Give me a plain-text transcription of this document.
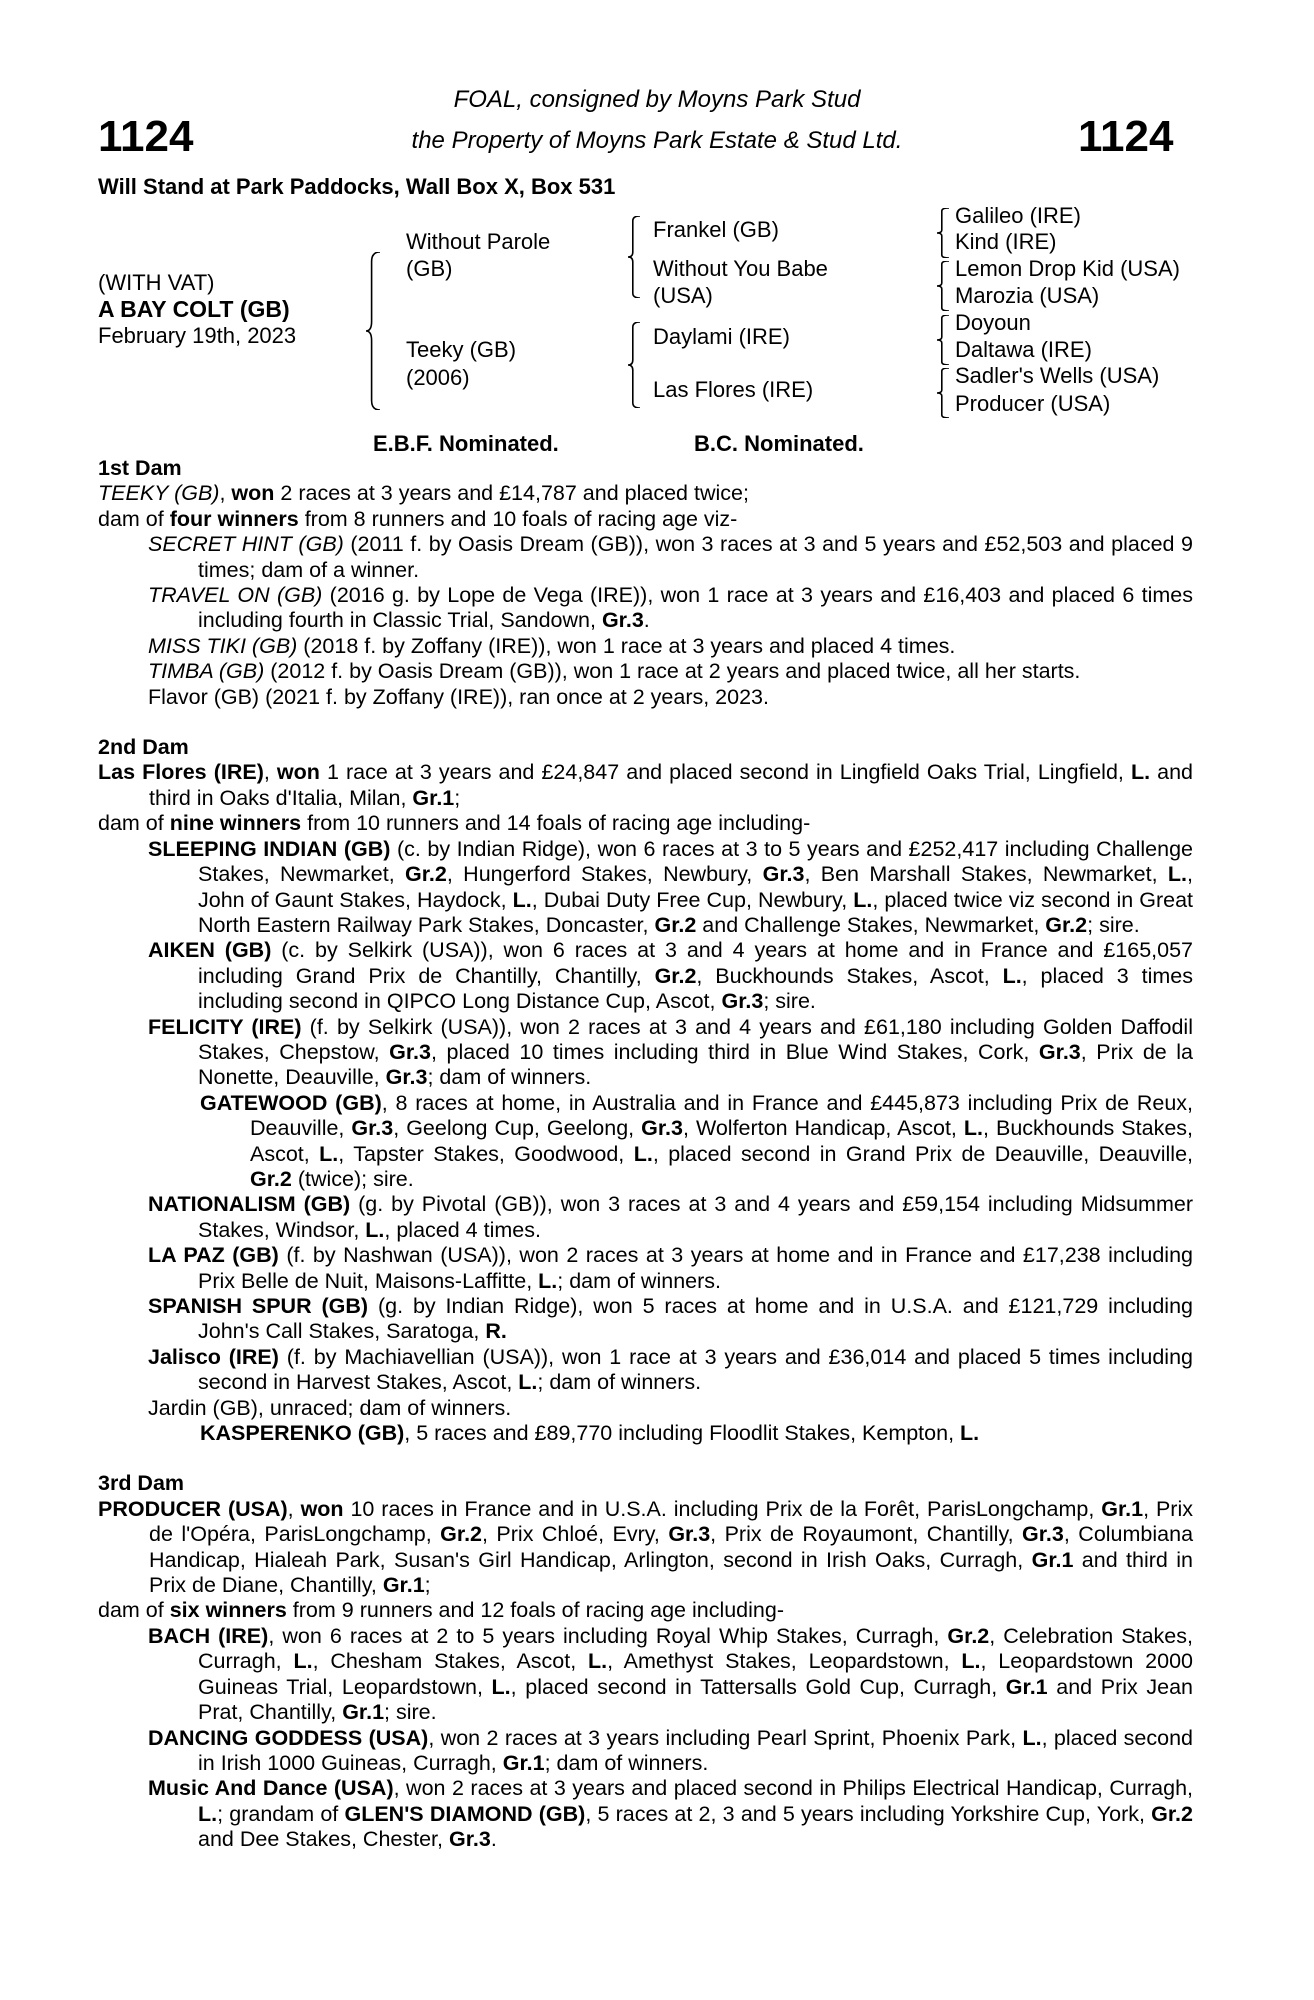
FOAL, consigned by Moyns Park Stud
the Property of Moyns Park Estate & Stud Ltd.
1124	1124
Will Stand at Park Paddocks, Wall Box X, Box 531
(WITH VAT)
A BAY COLT (GB)
February 19th, 2023
Without Parole
(GB)
Teeky (GB)
(2006)
Frankel (GB)
Without You Babe
(USA)
Daylami (IRE)
Las Flores (IRE)
Galileo (IRE)
Kind (IRE)
Lemon Drop Kid (USA)
Marozia (USA)
Doyoun
Daltawa (IRE)
Sadler's Wells (USA)
Producer (USA)
E.B.F. Nominated.	B.C. Nominated.
1st Dam

TEEKY (GB), won 2 races at 3 years and £14,787 and placed twice;

dam of four winners from 8 runners and 10 foals of racing age viz-

SECRET HINT (GB) (2011 f. by Oasis Dream (GB)), won 3 races at 3 and 5 years and £52,503 and placed 9 times; dam of a winner.

TRAVEL ON (GB) (2016 g. by Lope de Vega (IRE)), won 1 race at 3 years and £16,403 and placed 6 times including fourth in Classic Trial, Sandown, Gr.3.

MISS TIKI (GB) (2018 f. by Zoffany (IRE)), won 1 race at 3 years and placed 4 times.

TIMBA (GB) (2012 f. by Oasis Dream (GB)), won 1 race at 2 years and placed twice, all her starts.

Flavor (GB) (2021 f. by Zoffany (IRE)), ran once at 2 years, 2023.

2nd Dam

Las Flores (IRE), won 1 race at 3 years and £24,847 and placed second in Lingfield Oaks Trial, Lingfield, L. and third in Oaks d'Italia, Milan, Gr.1;

dam of nine winners from 10 runners and 14 foals of racing age including-

SLEEPING INDIAN (GB) (c. by Indian Ridge), won 6 races at 3 to 5 years and £252,417 including Challenge Stakes, Newmarket, Gr.2, Hungerford Stakes, Newbury, Gr.3, Ben Marshall Stakes, Newmarket, L., John of Gaunt Stakes, Haydock, L., Dubai Duty Free Cup, Newbury, L., placed twice viz second in Great North Eastern Railway Park Stakes, Doncaster, Gr.2 and Challenge Stakes, Newmarket, Gr.2; sire.

AIKEN (GB) (c. by Selkirk (USA)), won 6 races at 3 and 4 years at home and in France and £165,057 including Grand Prix de Chantilly, Chantilly, Gr.2, Buckhounds Stakes, Ascot, L., placed 3 times including second in QIPCO Long Distance Cup, Ascot, Gr.3; sire.

FELICITY (IRE) (f. by Selkirk (USA)), won 2 races at 3 and 4 years and £61,180 including Golden Daffodil Stakes, Chepstow, Gr.3, placed 10 times including third in Blue Wind Stakes, Cork, Gr.3, Prix de la Nonette, Deauville, Gr.3; dam of winners.

GATEWOOD (GB), 8 races at home, in Australia and in France and £445,873 including Prix de Reux, Deauville, Gr.3, Geelong Cup, Geelong, Gr.3, Wolferton Handicap, Ascot, L., Buckhounds Stakes, Ascot, L., Tapster Stakes, Goodwood, L., placed second in Grand Prix de Deauville, Deauville, Gr.2 (twice); sire.

NATIONALISM (GB) (g. by Pivotal (GB)), won 3 races at 3 and 4 years and £59,154 including Midsummer Stakes, Windsor, L., placed 4 times.

LA PAZ (GB) (f. by Nashwan (USA)), won 2 races at 3 years at home and in France and £17,238 including Prix Belle de Nuit, Maisons-Laffitte, L.; dam of winners.

SPANISH SPUR (GB) (g. by Indian Ridge), won 5 races at home and in U.S.A. and £121,729 including John's Call Stakes, Saratoga, R.

Jalisco (IRE) (f. by Machiavellian (USA)), won 1 race at 3 years and £36,014 and placed 5 times including second in Harvest Stakes, Ascot, L.; dam of winners.

Jardin (GB), unraced; dam of winners.

KASPERENKO (GB), 5 races and £89,770 including Floodlit Stakes, Kempton, L.

3rd Dam

PRODUCER (USA), won 10 races in France and in U.S.A. including Prix de la Forêt, ParisLongchamp, Gr.1, Prix de l'Opéra, ParisLongchamp, Gr.2, Prix Chloé, Evry, Gr.3, Prix de Royaumont, Chantilly, Gr.3, Columbiana Handicap, Hialeah Park, Susan's Girl Handicap, Arlington, second in Irish Oaks, Curragh, Gr.1 and third in Prix de Diane, Chantilly, Gr.1;

dam of six winners from 9 runners and 12 foals of racing age including-

BACH (IRE), won 6 races at 2 to 5 years including Royal Whip Stakes, Curragh, Gr.2, Celebration Stakes, Curragh, L., Chesham Stakes, Ascot, L., Amethyst Stakes, Leopardstown, L., Leopardstown 2000 Guineas Trial, Leopardstown, L., placed second in Tattersalls Gold Cup, Curragh, Gr.1 and Prix Jean Prat, Chantilly, Gr.1; sire.

DANCING GODDESS (USA), won 2 races at 3 years including Pearl Sprint, Phoenix Park, L., placed second in Irish 1000 Guineas, Curragh, Gr.1; dam of winners.

Music And Dance (USA), won 2 races at 3 years and placed second in Philips Electrical Handicap, Curragh, L.; grandam of GLEN'S DIAMOND (GB), 5 races at 2, 3 and 5 years including Yorkshire Cup, York, Gr.2 and Dee Stakes, Chester, Gr.3.
